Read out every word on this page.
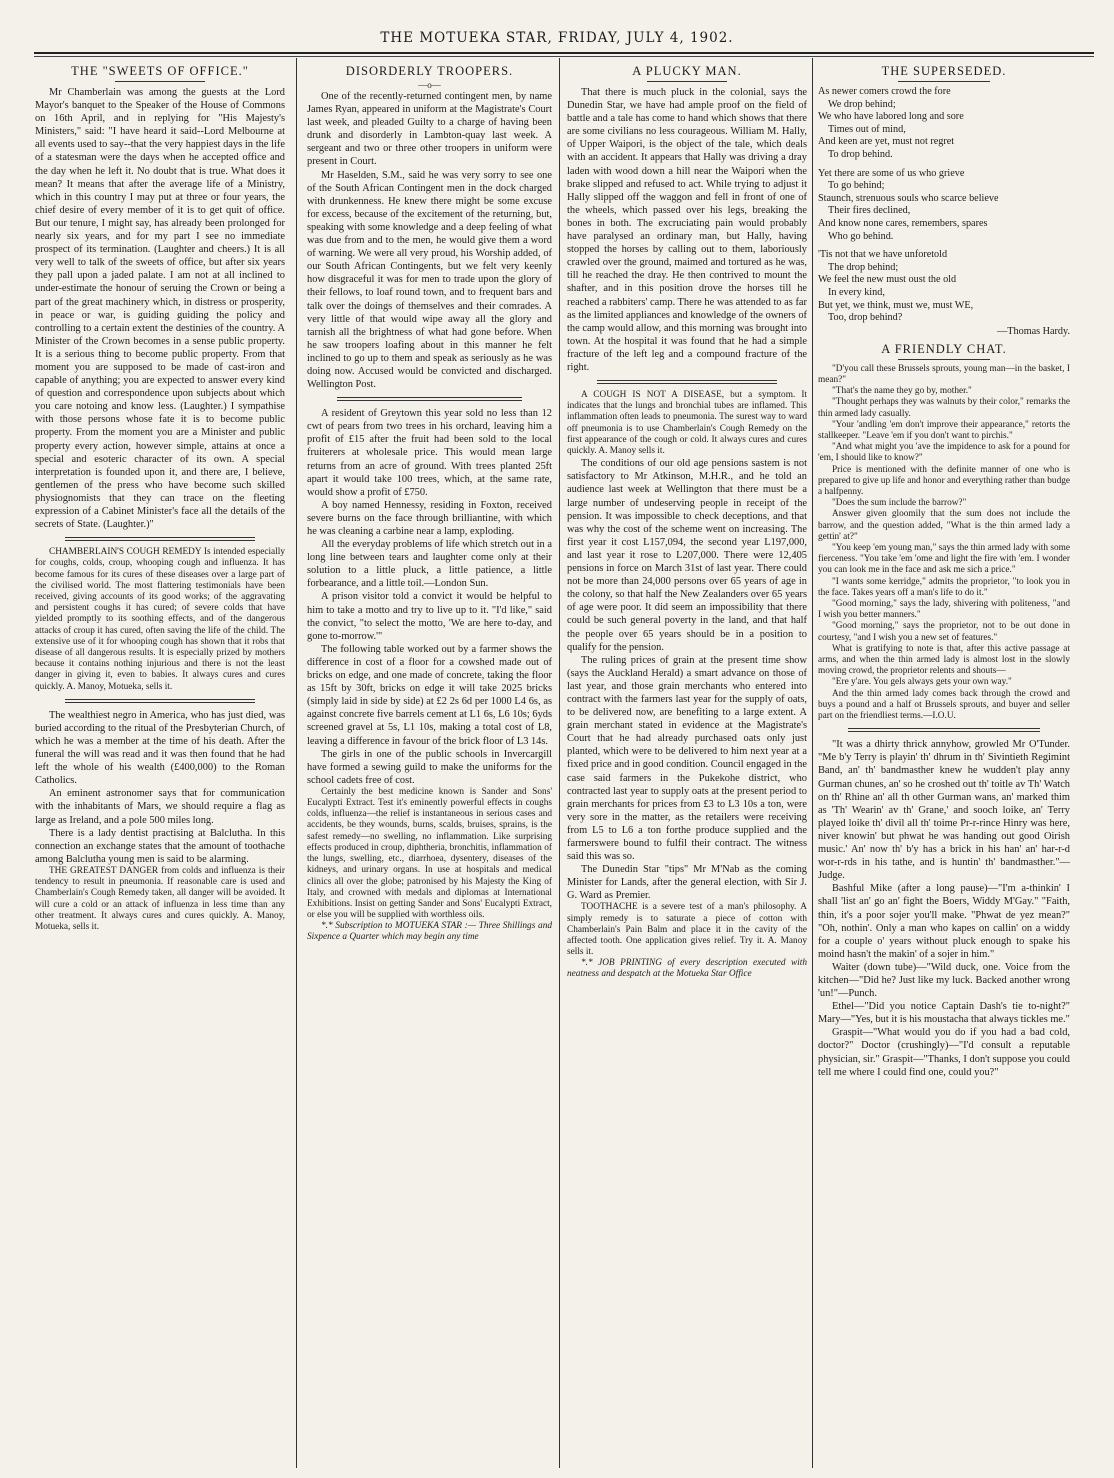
THE MOTUEKA STAR, FRIDAY, JULY 4, 1902.
THE "SWEETS OF OFFICE."

Mr Chamberlain was among the guests at the Lord Mayor's banquet to the Speaker of the House of Commons on 16th April, and in replying for "His Majesty's Ministers," said: "I have heard it said--Lord Melbourne at all events used to say--that the very happiest days in the life of a statesman were the days when he accepted office and the day when he left it. No doubt that is true. What does it mean? It means that after the average life of a Ministry, which in this country I may put at three or four years, the chief desire of every member of it is to get quit of office. But our tenure, I might say, has already been prolonged for nearly six years, and for my part I see no immediate prospect of its termination. (Laughter and cheers.) It is all very well to talk of the sweets of office, but after six years they pall upon a jaded palate. I am not at all inclined to under-estimate the honour of seruing the Crown or being a part of the great machinery which, in distress or prosperity, in peace or war, is guiding guiding the policy and controlling to a certain extent the destinies of the country. A Minister of the Crown becomes in a sense public property. It is a serious thing to become public property. From that moment you are supposed to be made of cast-iron and capable of anything; you are expected to answer every kind of question and correspondence upon subjects about which you care notoing and know less. (Laughter.) I sympathise with those persons whose fate it is to become public property. From the moment you are a Minister and public property every action, however simple, attains at once a special and esoteric character of its own. A special interpretation is founded upon it, and there are, I believe, gentlemen of the press who have become such skilled physiognomists that they can trace on the fleeting expression of a Cabinet Minister's face all the details of the secrets of State. (Laughter.)"

CHAMBERLAIN'S COUGH REMEDY Is intended especially for coughs, colds, croup, whooping cough and influenza. It has become famous for its cures of these diseases over a large part of the civilised world. The most flattering testimonials have been received, giving accounts of its good works; of the aggravating and persistent coughs it has cured; of severe colds that have yielded promptly to its soothing effects, and of the dangerous attacks of croup it has cured, often saving the life of the child. The extensive use of it for whooping cough has shown that it robs that disease of all dangerous results. It is especially prized by mothers because it contains nothing injurious and there is not the least danger in giving it, even to babies. It always cures and cures quickly. A. Manoy, Motueka, sells it.

The wealthiest negro in America, who has just died, was buried according to the ritual of the Presbyterian Church, of which he was a member at the time of his death. After the funeral the will was read and it was then found that he had left the whole of his wealth (£400,000) to the Roman Catholics.

An eminent astronomer says that for communication with the inhabitants of Mars, we should require a flag as large as Ireland, and a pole 500 miles long.

There is a lady dentist practising at Balclutha. In this connection an exchange states that the amount of toothache among Balclutha young men is said to be alarming.

THE GREATEST DANGER from colds and influenza is their tendency to result in pneumonia. If reasonable care is used and Chamberlain's Cough Remedy taken, all danger will be avoided. It will cure a cold or an attack of influenza in less time than any other treatment. It always cures and cures quickly. A. Manoy, Motueka, sells it.

DISORDERLY TROOPERS.
—o—

One of the recently-returned contingent men, by name James Ryan, appeared in uniform at the Magistrate's Court last week, and pleaded Guilty to a charge of having been drunk and disorderly in Lambton-quay last week. A sergeant and two or three other troopers in uniform were present in Court.

Mr Haselden, S.M., said he was very sorry to see one of the South African Contingent men in the dock charged with drunkenness. He knew there might be some excuse for excess, because of the excitement of the returning, but, speaking with some knowledge and a deep feeling of what was due from and to the men, he would give them a word of warning. We were all very proud, his Worship added, of our South African Contingents, but we felt very keenly how disgraceful it was for men to trade upon the glory of their fellows, to loaf round town, and to frequent bars and talk over the doings of themselves and their comrades. A very little of that would wipe away all the glory and tarnish all the brightness of what had gone before. When he saw troopers loafing about in this manner he felt inclined to go up to them and speak as seriously as he was doing now. Accused would be convicted and discharged. Wellington Post.

A resident of Greytown this year sold no less than 12 cwt of pears from two trees in his orchard, leaving him a profit of £15 after the fruit had been sold to the local fruiterers at wholesale price. This would mean large returns from an acre of ground. With trees planted 25ft apart it would take 100 trees, which, at the same rate, would show a profit of £750.

A boy named Hennessy, residing in Foxton, received severe burns on the face through brilliantine, with which he was cleaning a carbine near a lamp, exploding.

All the everyday problems of life which stretch out in a long line between tears and laughter come only at their solution to a little pluck, a little patience, a little forbearance, and a little toil.—London Sun.

A prison visitor told a convict it would be helpful to him to take a motto and try to live up to it. "I'd like," said the convict, "to select the motto, 'We are here to-day, and gone to-morrow.'"

The following table worked out by a farmer shows the difference in cost of a floor for a cowshed made out of bricks on edge, and one made of concrete, taking the floor as 15ft by 30ft, bricks on edge it will take 2025 bricks (simply laid in side by side) at £2 2s 6d per 1000 L4 6s, as against concrete five barrels cement at L1 6s, L6 10s; 6yds screened gravel at 5s, L1 10s, making a total cost of L8, leaving a difference in favour of the brick floor of L3 14s.

The girls in one of the public schools in Invercargill have formed a sewing guild to make the uniforms for the school cadets free of cost.

Certainly the best medicine known is Sander and Sons' Eucalypti Extract. Test it's eminently powerful effects in coughs colds, influenza—the relief is instantaneous in serious cases and accidents, be they wounds, burns, scalds, bruises, sprains, is the safest remedy—no swelling, no inflammation. Like surprising effects produced in croup, diphtheria, bronchitis, inflammation of the lungs, swelling, etc., diarrhoea, dysentery, diseases of the kidneys, and urinary organs. In use at hospitals and medical clinics all over the globe; patronised by his Majesty the King of Italy, and crowned with medals and diplomas at International Exhibitions. Insist on getting Sander and Sons' Eucalypti Extract, or else you will be supplied with worthless oils.

*.* Subscription to MOTUEKA STAR :— Three Shillings and Sixpence a Quarter which may begin any time

A PLUCKY MAN.

That there is much pluck in the colonial, says the Dunedin Star, we have had ample proof on the field of battle and a tale has come to hand which shows that there are some civilians no less courageous. William M. Hally, of Upper Waipori, is the object of the tale, which deals with an accident. It appears that Hally was driving a dray laden with wood down a hill near the Waipori when the brake slipped and refused to act. While trying to adjust it Hally slipped off the waggon and fell in front of one of the wheels, which passed over his legs, breaking the bones in both. The excruciating pain would probably have paralysed an ordinary man, but Hally, having stopped the horses by calling out to them, laboriously crawled over the ground, maimed and tortured as he was, till he reached the dray. He then contrived to mount the shafter, and in this position drove the horses till he reached a rabbiters' camp. There he was attended to as far as the limited appliances and knowledge of the owners of the camp would allow, and this morning was brought into town. At the hospital it was found that he had a simple fracture of the left leg and a compound fracture of the right.

A COUGH IS NOT A DISEASE, but a symptom. It indicates that the lungs and bronchial tubes are inflamed. This inflammation often leads to pneumonia. The surest way to ward off pneumonia is to use Chamberlain's Cough Remedy on the first appearance of the cough or cold. It always cures and cures quickly. A. Manoy sells it.

The conditions of our old age pensions sastem is not satisfactory to Mr Atkinson, M.H.R., and he told an audience last week at Wellington that there must be a large number of undeserving people in receipt of the pension. It was impossible to check deceptions, and that was why the cost of the scheme went on increasing. The first year it cost L157,094, the second year L197,000, and last year it rose to L207,000. There were 12,405 pensions in force on March 31st of last year. There could not be more than 24,000 persons over 65 years of age in the colony, so that half the New Zealanders over 65 years of age were poor. It did seem an impossibility that there could be such general poverty in the land, and that half the people over 65 years should be in a position to qualify for the pension.

The ruling prices of grain at the present time show (says the Auckland Herald) a smart advance on those of last year, and those grain merchants who entered into contract with the farmers last year for the supply of oats, to be delivered now, are benefiting to a large extent. A grain merchant stated in evidence at the Magistrate's Court that he had already purchased oats only just planted, which were to be delivered to him next year at a fixed price and in good condition. Council engaged in the case said farmers in the Pukekohe district, who contracted last year to supply oats at the present period to grain merchants for prices from £3 to L3 10s a ton, were very sore in the matter, as the retailers were receiving from L5 to L6 a ton forthe produce supplied and the farmerswere bound to fulfil their contract. The witness said this was so.

The Dunedin Star "tips" Mr M'Nab as the coming Minister for Lands, after the general election, with Sir J. G. Ward as Premier.

TOOTHACHE is a severe test of a man's philosophy. A simply remedy is to saturate a piece of cotton with Chamberlain's Pain Balm and place it in the cavity of the affected tooth. One application gives relief. Try it. A. Manoy sells it.

*.* JOB PRINTING of every description executed with neatness and despatch at the Motueka Star Office

THE SUPERSEDED.
As newer comers crowd the fore
We drop behind;
We who have labored long and sore
Times out of mind,
And keen are yet, must not regret
To drop behind.
Yet there are some of us who grieve
To go behind;
Staunch, strenuous souls who scarce believe
Their fires declined,
And know none cares, remembers, spares
Who go behind.
'Tis not that we have unforetold
The drop behind;
We feel the new must oust the old
In every kind,
But yet, we think, must we, must WE,
Too, drop behind?
—Thomas Hardy.
A FRIENDLY CHAT.

"D'you call these Brussels sprouts, young man—in the basket, I mean?"

"That's the name they go by, mother."

"Thought perhaps they was walnuts by their color," remarks the thin armed lady casually.

"Your 'andling 'em don't improve their appearance," retorts the stallkeeper. "Leave 'em if you don't want to pirchis."

"And what might you 'ave the impidence to ask for a pound for 'em, I should like to know?"

Price is mentioned with the definite manner of one who is prepared to give up life and honor and everything rather than budge a halfpenny.

"Does the sum include the barrow?"

Answer given gloomily that the sum does not include the barrow, and the question added, "What is the thin armed lady a gettin' at?"

"You keep 'em young man," says the thin armed lady with some fierceness. "You take 'em 'ome and light the fire with 'em. I wonder you can look me in the face and ask me sich a price."

"I wants some kerridge," admits the proprietor, "to look you in the face. Takes years off a man's life to do it."

"Good morning," says the lady, shivering with politeness, "and I wish you better manners."

"Good morning," says the proprietor, not to be out done in courtesy, "and I wish you a new set of features."

What is gratifying to note is that, after this active passage at arms, and when the thin armed lady is almost lost in the slowly moving crowd, the proprietor relents and shouts—

"Ere y'are. You gels always gets your own way."

And the thin armed lady comes back through the crowd and buys a pound and a half ot Brussels sprouts, and buyer and seller part on the friendliest terms.—I.O.U.

"It was a dhirty thrick annyhow, growled Mr O'Tunder. "Me b'y Terry is playin' th' dhrum in th' Sivintieth Regimint Band, an' th' bandmasther knew he wudden't play anny Gurman chunes, an' so he croshed out th' toitle av Th' Watch on th' Rhine an' all th other Gurman wans, an' marked thim as 'Th' Wearin' av th' Grane,' and sooch loike, an' Terry played loike th' divil all th' toime Pr-r-rince Hinry was here, niver knowin' but phwat he was handing out good Oirish music.' An' now th' b'y has a brick in his han' an' har-r-d wor-r-rds in his tathe, and is huntin' th' bandmasther."—Judge.

Bashful Mike (after a long pause)—"I'm a-thinkin' I shall 'list an' go an' fight the Boers, Widdy M'Gay." "Faith, thin, it's a poor sojer you'll make. "Phwat de yez mean?" "Oh, nothin'. Only a man who kapes on callin' on a widdy for a couple o' years without pluck enough to spake his moind hasn't the makin' of a sojer in him."

Waiter (down tube)—"Wild duck, one. Voice from the kitchen—"Did he? Just like my luck. Backed another wrong 'un!"—Punch.

Ethel—"Did you notice Captain Dash's tie to-night?" Mary—"Yes, but it is his moustacha that always tickles me."

Graspit—"What would you do if you had a bad cold, doctor?" Doctor (crushingly)—"I'd consult a reputable physician, sir." Graspit—"Thanks, I don't suppose you could tell me where I could find one, could you?"
